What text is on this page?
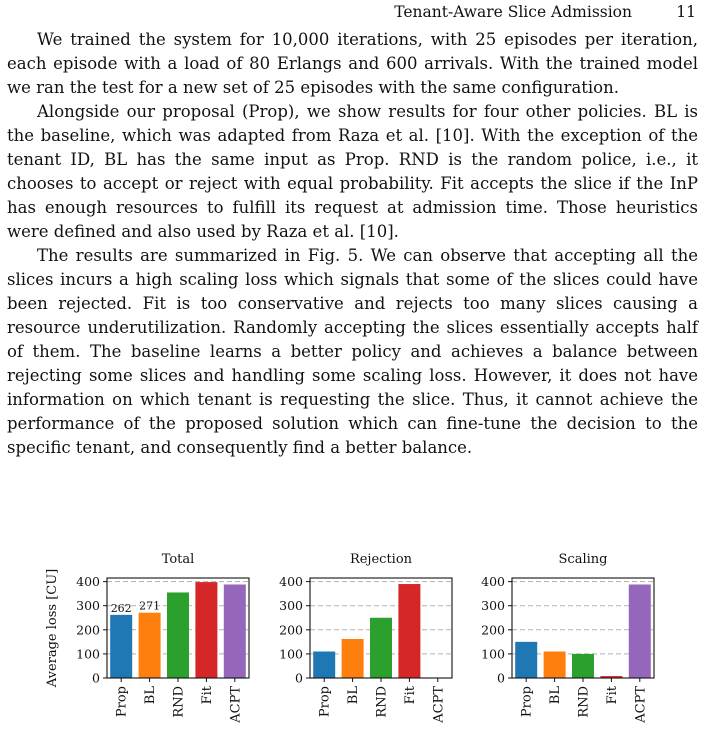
Tenant-Aware Slice Admission	11

We trained the system for 10,000 iterations, with 25 episodes per iteration, each episode with a load of 80 Erlangs and 600 arrivals. With the trained model we ran the test for a new set of 25 episodes with the same configuration.

Alongside our proposal (Prop), we show results for four other policies. BL is the baseline, which was adapted from Raza et al. [10]. With the exception of the tenant ID, BL has the same input as Prop. RND is the random police, i.e., it chooses to accept or reject with equal probability. Fit accepts the slice if the InP has enough resources to fulfill its request at admission time. Those heuristics were defined and also used by Raza et al. [10].

The results are summarized in Fig. 5. We can observe that accepting all the slices incurs a high scaling loss which signals that some of the slices could have been rejected. Fit is too conservative and rejects too many slices causing a resource underutilization. Randomly accepting the slices essentially accepts half of them. The baseline learns a better policy and achieves a balance between rejecting some slices and handling some scaling loss. However, it does not have information on which tenant is requesting the slice. Thus, it cannot achieve the performance of the proposed solution which can fine-tune the decision to the specific tenant, and consequently find a better balance.

Average loss [CU]
Total
0
100
200
300
400
262
Prop
271
BL RND Fit ACPT
Rejection
0
100
200
300
400
Prop BL RND Fit ACPT
Scaling
0
100
200
300
400
Prop BL RND Fit ACPT
